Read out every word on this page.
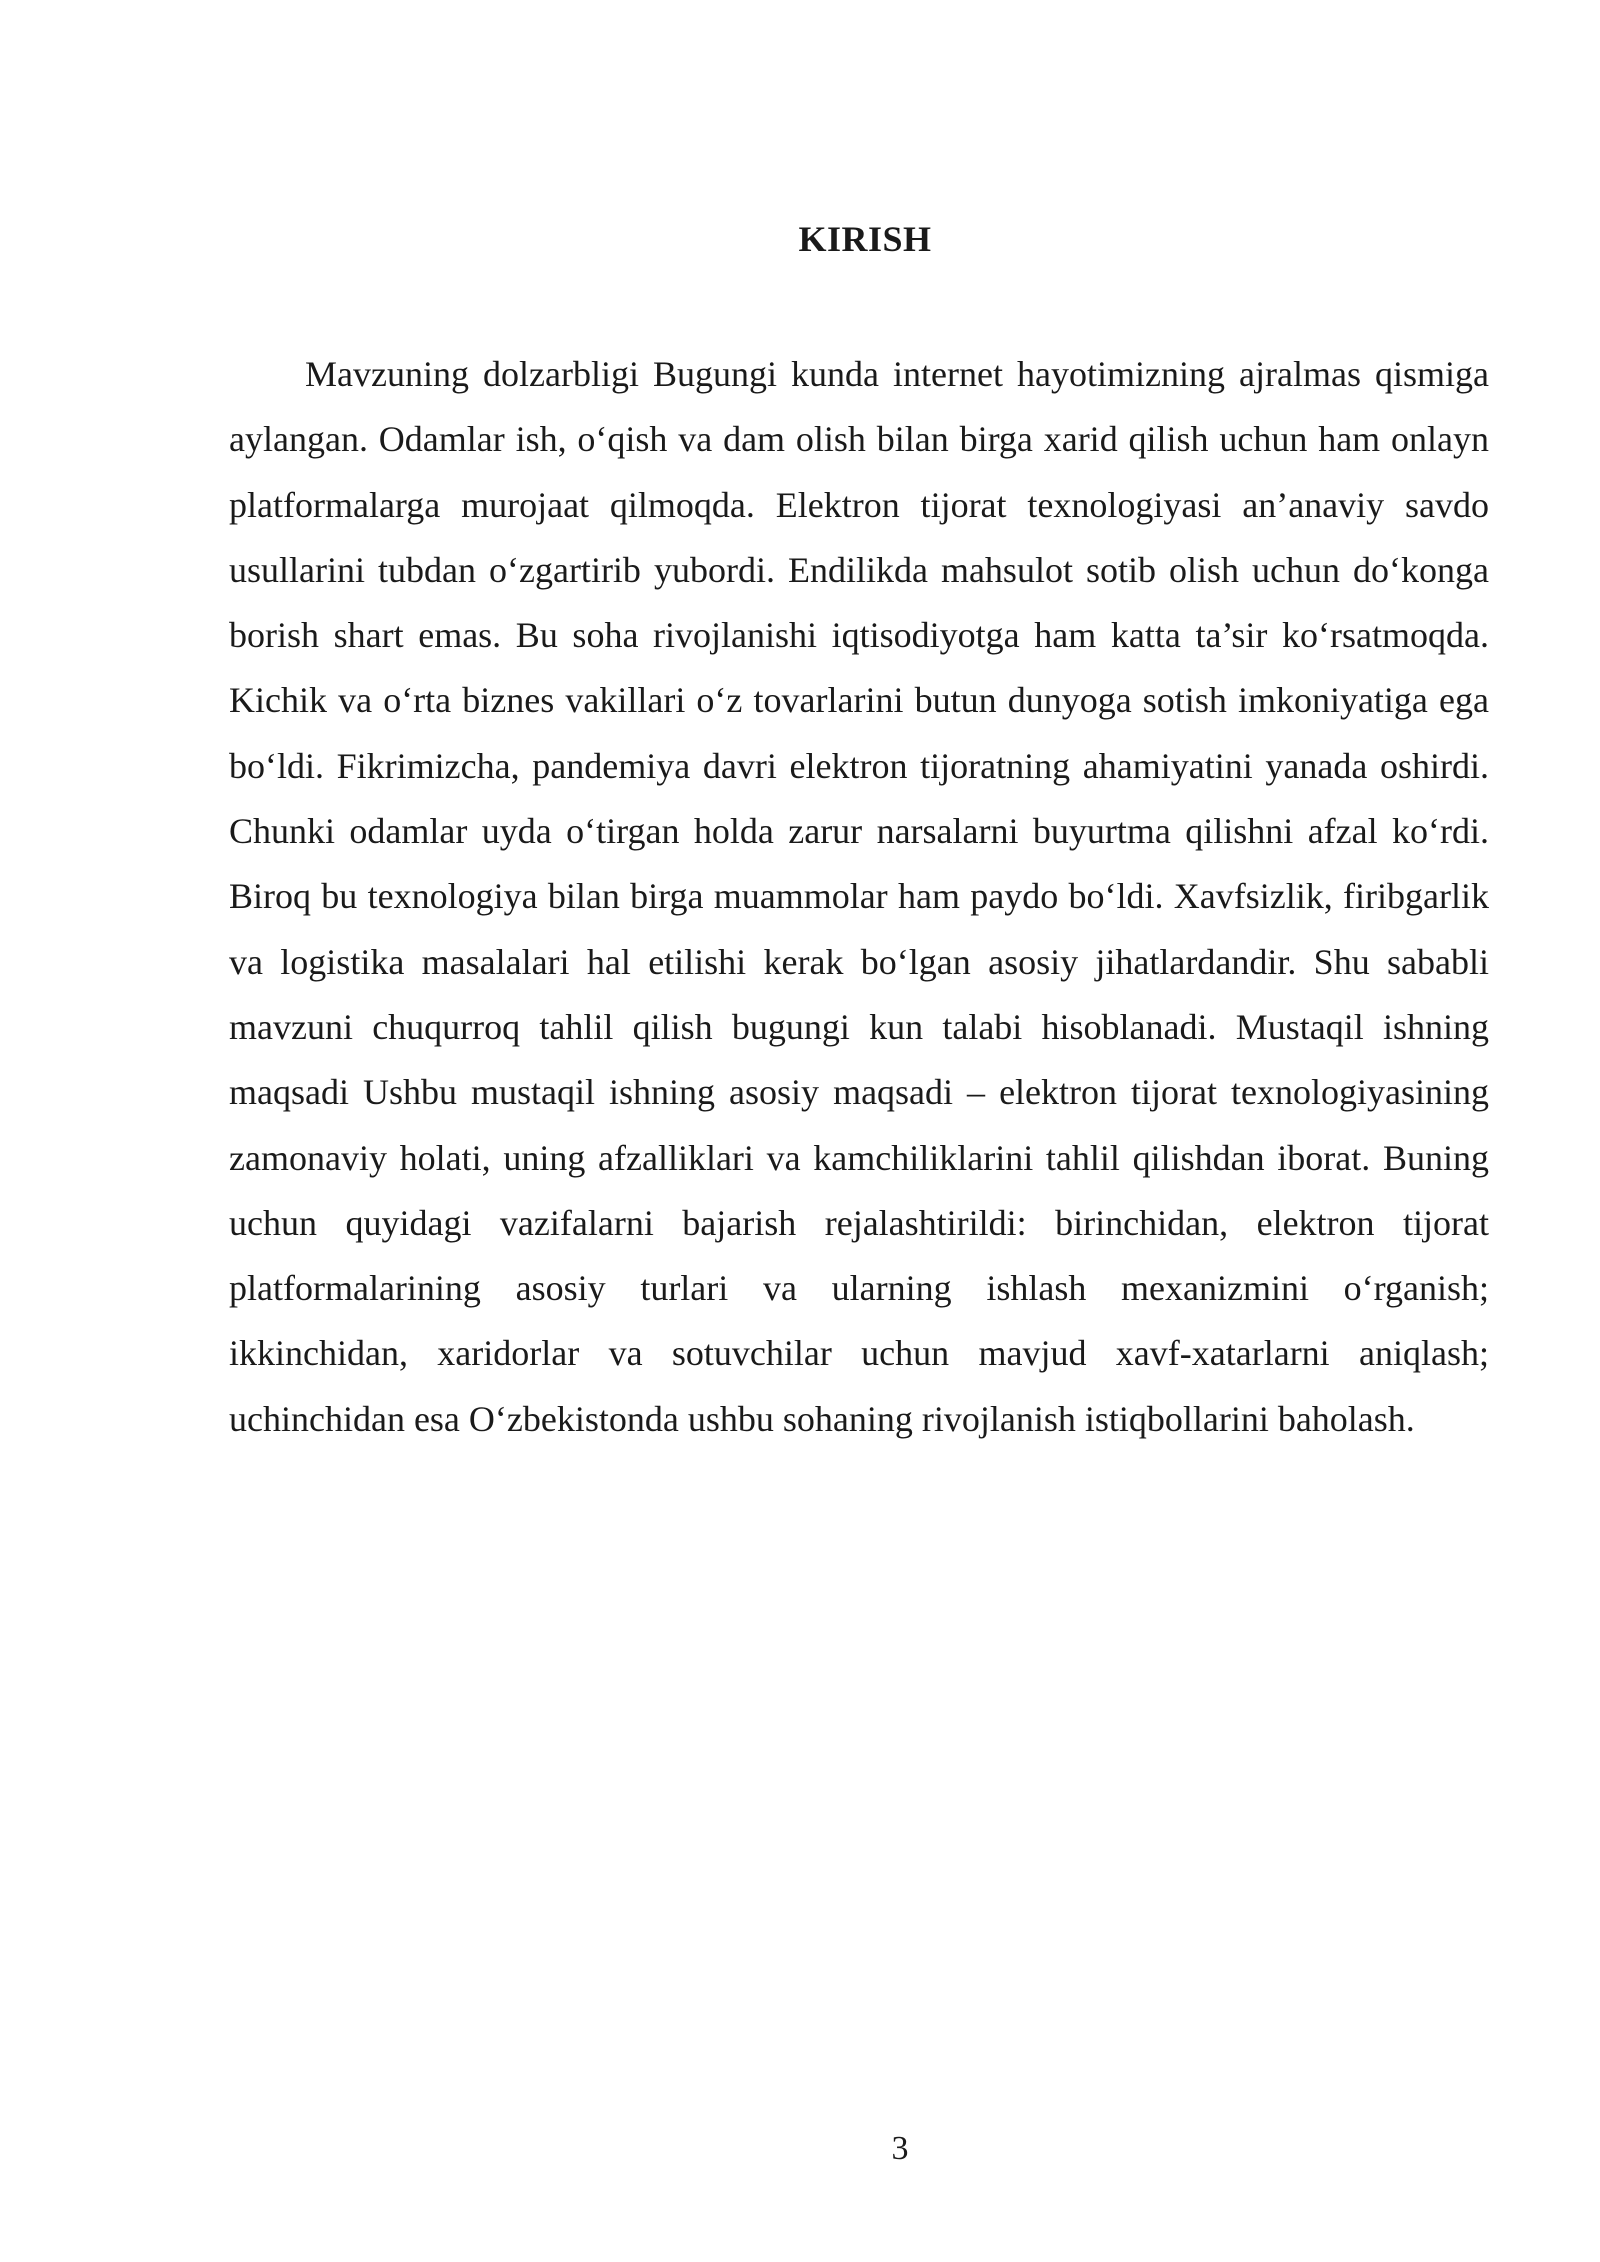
KIRISH

Mavzuning dolzarbligi Bugungi kunda internet hayotimizning ajralmas qismiga aylangan. Odamlar ish, o‘qish va dam olish bilan birga xarid qilish uchun ham onlayn platformalarga murojaat qilmoqda. Elektron tijorat texnologiyasi an’anaviy savdo usullarini tubdan o‘zgartirib yubordi. Endilikda mahsulot sotib olish uchun do‘konga borish shart emas. Bu soha rivojlanishi iqtisodiyotga ham katta ta’sir ko‘rsatmoqda. Kichik va o‘rta biznes vakillari o‘z tovarlarini butun dunyoga sotish imkoniyatiga ega bo‘ldi. Fikrimizcha, pandemiya davri elektron tijoratning ahamiyatini yanada oshirdi. Chunki odamlar uyda o‘tirgan holda zarur narsalarni buyurtma qilishni afzal ko‘rdi. Biroq bu texnologiya bilan birga muammolar ham paydo bo‘ldi. Xavfsizlik, firibgarlik va logistika masalalari hal etilishi kerak bo‘lgan asosiy jihatlardandir. Shu sababli mavzuni chuqurroq tahlil qilish bugungi kun talabi hisoblanadi. Mustaqil ishning maqsadi Ushbu mustaqil ishning asosiy maqsadi – elektron tijorat texnologiyasining zamonaviy holati, uning afzalliklari va kamchiliklarini tahlil qilishdan iborat. Buning uchun quyidagi vazifalarni bajarish rejalashtirildi: birinchidan, elektron tijorat platformalarining asosiy turlari va ularning ishlash mexanizmini o‘rganish; ikkinchidan, xaridorlar va sotuvchilar uchun mavjud xavf-xatarlarni aniqlash; uchinchidan esa O‘zbekistonda ushbu sohaning rivojlanish istiqbollarini baholash.

3
